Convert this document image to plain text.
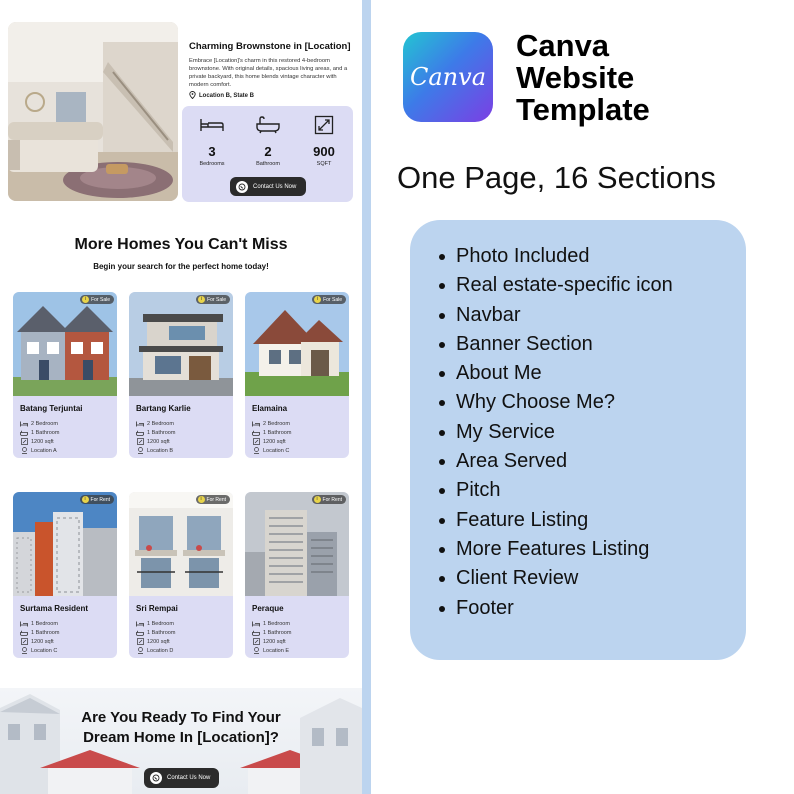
Charming Brownstone in [Location]
Embrace [Location]'s charm in this restored 4-bedroom brownstone. With original details, spacious living areas, and a private backyard, this home blends vintage character with modern comfort.
Location B, State B
3
Bedrooms
2
Bathroom
900
SQFT
Contact Us Now
More Homes You Can't Miss
Begin your search for the perfect home today!
i For Sale
Batang Terjuntai
2 Bedroom
1 Bathroom
1200 sqft
Location A
i For Sale
Bartang Karlie
2 Bedroom
1 Bathroom
1200 sqft
Location B
i For Sale
Elamaina
2 Bedroom
1 Bathroom
1200 sqft
Location C
i For Rent
Surtama Resident
1 Bedroom
1 Bathroom
1200 sqft
Location C
i For Rent
Sri Rempai
1 Bedroom
1 Bathroom
1200 sqft
Location D
i For Rent
Peraque
1 Bedroom
1 Bathroom
1200 sqft
Location E
Are You Ready To Find Your
Dream Home In [Location]?
Contact Us Now
Canva
Canva
Website
Template
One Page, 16 Sections
Photo Included
Real estate-specific icon
Navbar
Banner Section
About Me
Why Choose Me?
My Service
Area Served
Pitch
Feature Listing
More Features Listing
Client Review
Footer
